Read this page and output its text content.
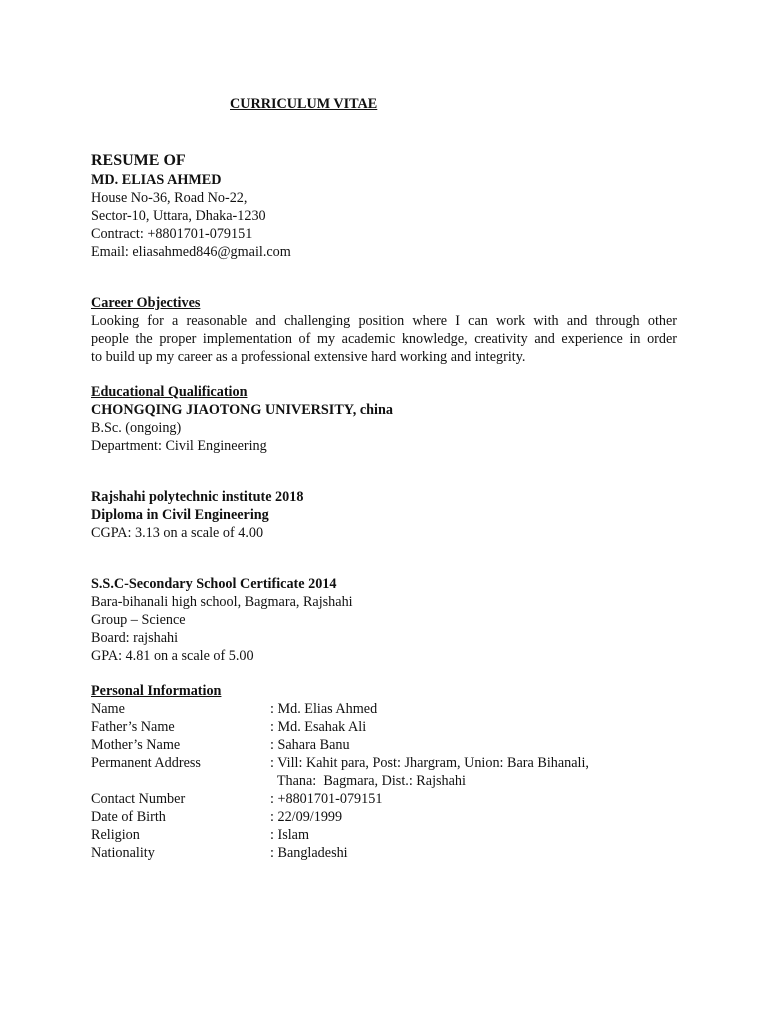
CURRICULUM VITAE

RESUME OF

MD. ELIAS AHMED

House No-36, Road No-22,

Sector-10, Uttara, Dhaka-1230

Contract: +8801701-079151

Email: eliasahmed846@gmail.com

Career Objectives

Looking for a reasonable and challenging position where I can work with and through other

people the proper implementation of my academic knowledge, creativity and experience in order

to build up my career as a professional extensive hard working and integrity.

Educational Qualification

CHONGQING JIAOTONG UNIVERSITY, china

B.Sc. (ongoing)

Department: Civil Engineering

Rajshahi polytechnic institute 2018

Diploma in Civil Engineering

CGPA: 3.13 on a scale of 4.00

S.S.C-Secondary School Certificate 2014

Bara-bihanali high school, Bagmara, Rajshahi

Group – Science

Board: rajshahi

GPA: 4.81 on a scale of 5.00

Personal Information

Name	: Md. Elias Ahmed

Father’s Name	: Md. Esahak Ali

Mother’s Name	: Sahara Banu

Permanent Address	: Vill: Kahit para, Post: Jhargram, Union: Bara Bihanali,

Thana:  Bagmara, Dist.: Rajshahi

Contact Number	: +8801701-079151

Date of Birth	: 22/09/1999

Religion	: Islam

Nationality	: Bangladeshi
